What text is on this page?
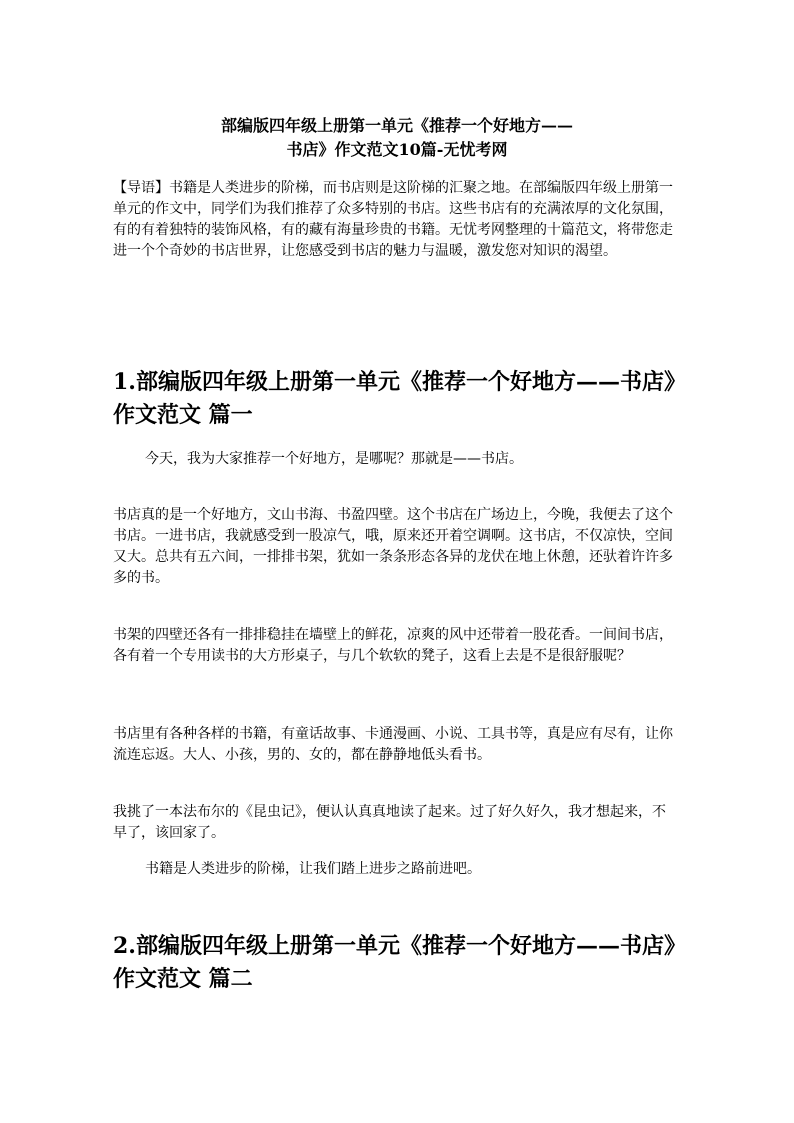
部编版四年级上册第一单元《推荐一个好地方——
书店》作文范文10篇-无忧考网

【导语】书籍是人类进步的阶梯，而书店则是这阶梯的汇聚之地。在部编版四年级上册第一单元的作文中，同学们为我们推荐了众多特别的书店。这些书店有的充满浓厚的文化氛围，有的有着独特的装饰风格，有的藏有海量珍贵的书籍。无忧考网整理的十篇范文，将带您走进一个个奇妙的书店世界，让您感受到书店的魅力与温暖，激发您对知识的渴望。

1.部编版四年级上册第一单元《推荐一个好地方——书店》作文范文 篇一

今天，我为大家推荐一个好地方，是哪呢？那就是——书店。

书店真的是一个好地方，文山书海、书盈四壁。这个书店在广场边上，今晚，我便去了这个书店。一进书店，我就感受到一股凉气，哦，原来还开着空调啊。这书店，不仅凉快，空间又大。总共有五六间，一排排书架，犹如一条条形态各异的龙伏在地上休憩，还驮着许许多多的书。

书架的四壁还各有一排排稳挂在墙壁上的鲜花，凉爽的风中还带着一股花香。一间间书店，各有着一个专用读书的大方形桌子，与几个软软的凳子，这看上去是不是很舒服呢？

书店里有各种各样的书籍，有童话故事、卡通漫画、小说、工具书等，真是应有尽有，让你流连忘返。大人、小孩，男的、女的，都在静静地低头看书。

我挑了一本法布尔的《昆虫记》，便认认真真地读了起来。过了好久好久，我才想起来，不早了，该回家了。

书籍是人类进步的阶梯，让我们踏上进步之路前进吧。

2.部编版四年级上册第一单元《推荐一个好地方——书店》作文范文 篇二
